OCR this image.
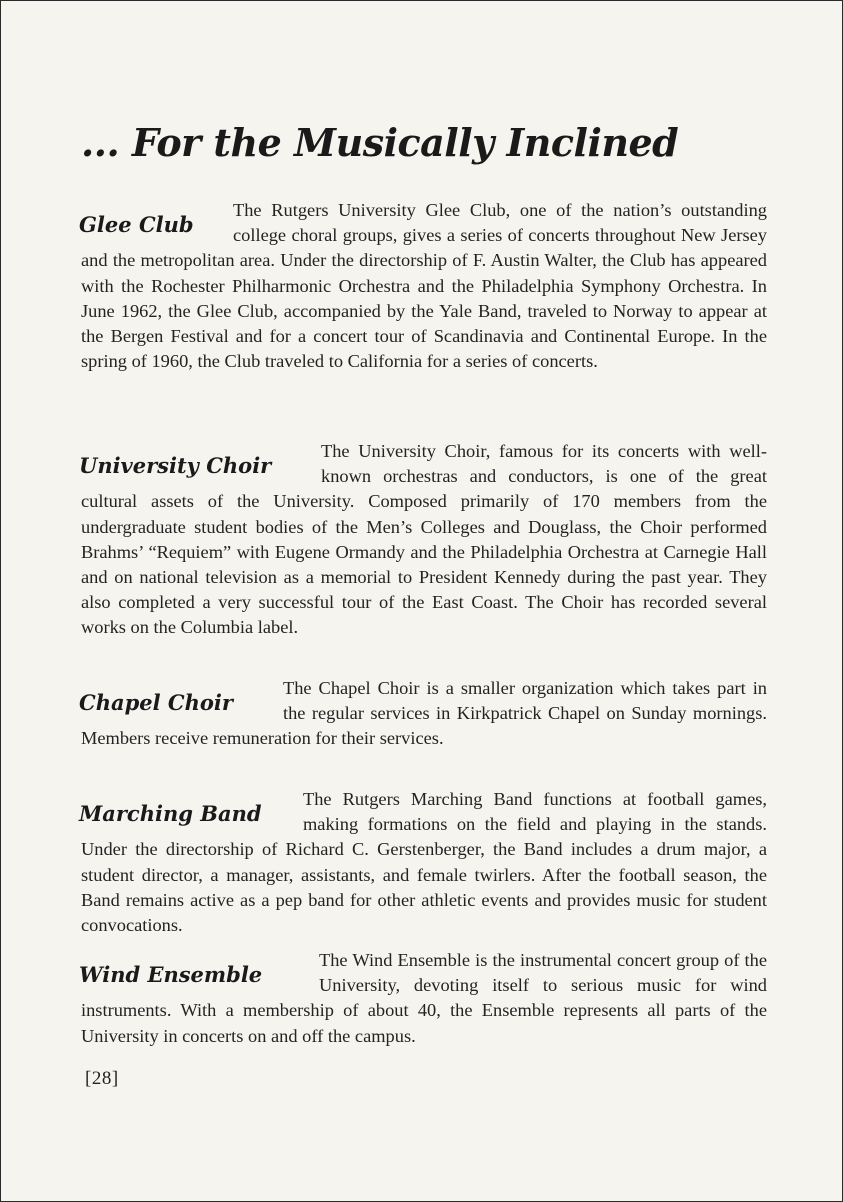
... For the Musically Inclined
Glee Club

The Rutgers University Glee Club, one of the nation’s outstanding college choral groups, gives a series of concerts throughout New Jersey and the metropolitan area. Under the directorship of F. Austin Walter, the Club has appeared with the Rochester Philharmonic Orchestra and the Philadelphia Symphony Orchestra. In June 1962, the Glee Club, accompanied by the Yale Band, traveled to Norway to appear at the Bergen Festival and for a concert tour of Scandinavia and Continental Europe. In the spring of 1960, the Club traveled to California for a series of concerts.

University Choir

The University Choir, famous for its concerts with well-known orchestras and conductors, is one of the great cultural assets of the University. Composed primarily of 170 members from the undergraduate student bodies of the Men’s Colleges and Douglass, the Choir performed Brahms’ “Requiem” with Eugene Ormandy and the Philadelphia Orchestra at Carnegie Hall and on national television as a memorial to President Kennedy during the past year. They also completed a very successful tour of the East Coast. The Choir has recorded several works on the Columbia label.

Chapel Choir

The Chapel Choir is a smaller organization which takes part in the regular services in Kirkpatrick Chapel on Sunday mornings. Members receive remuneration for their services.

Marching Band

The Rutgers Marching Band functions at football games, making formations on the field and playing in the stands. Under the directorship of Richard C. Gerstenberger, the Band includes a drum major, a student director, a manager, assistants, and female twirlers. After the football season, the Band remains active as a pep band for other athletic events and provides music for student convocations.

Wind Ensemble

The Wind Ensemble is the instrumental concert group of the University, devoting itself to serious music for wind instruments. With a membership of about 40, the Ensemble represents all parts of the University in concerts on and off the campus.

[28]
